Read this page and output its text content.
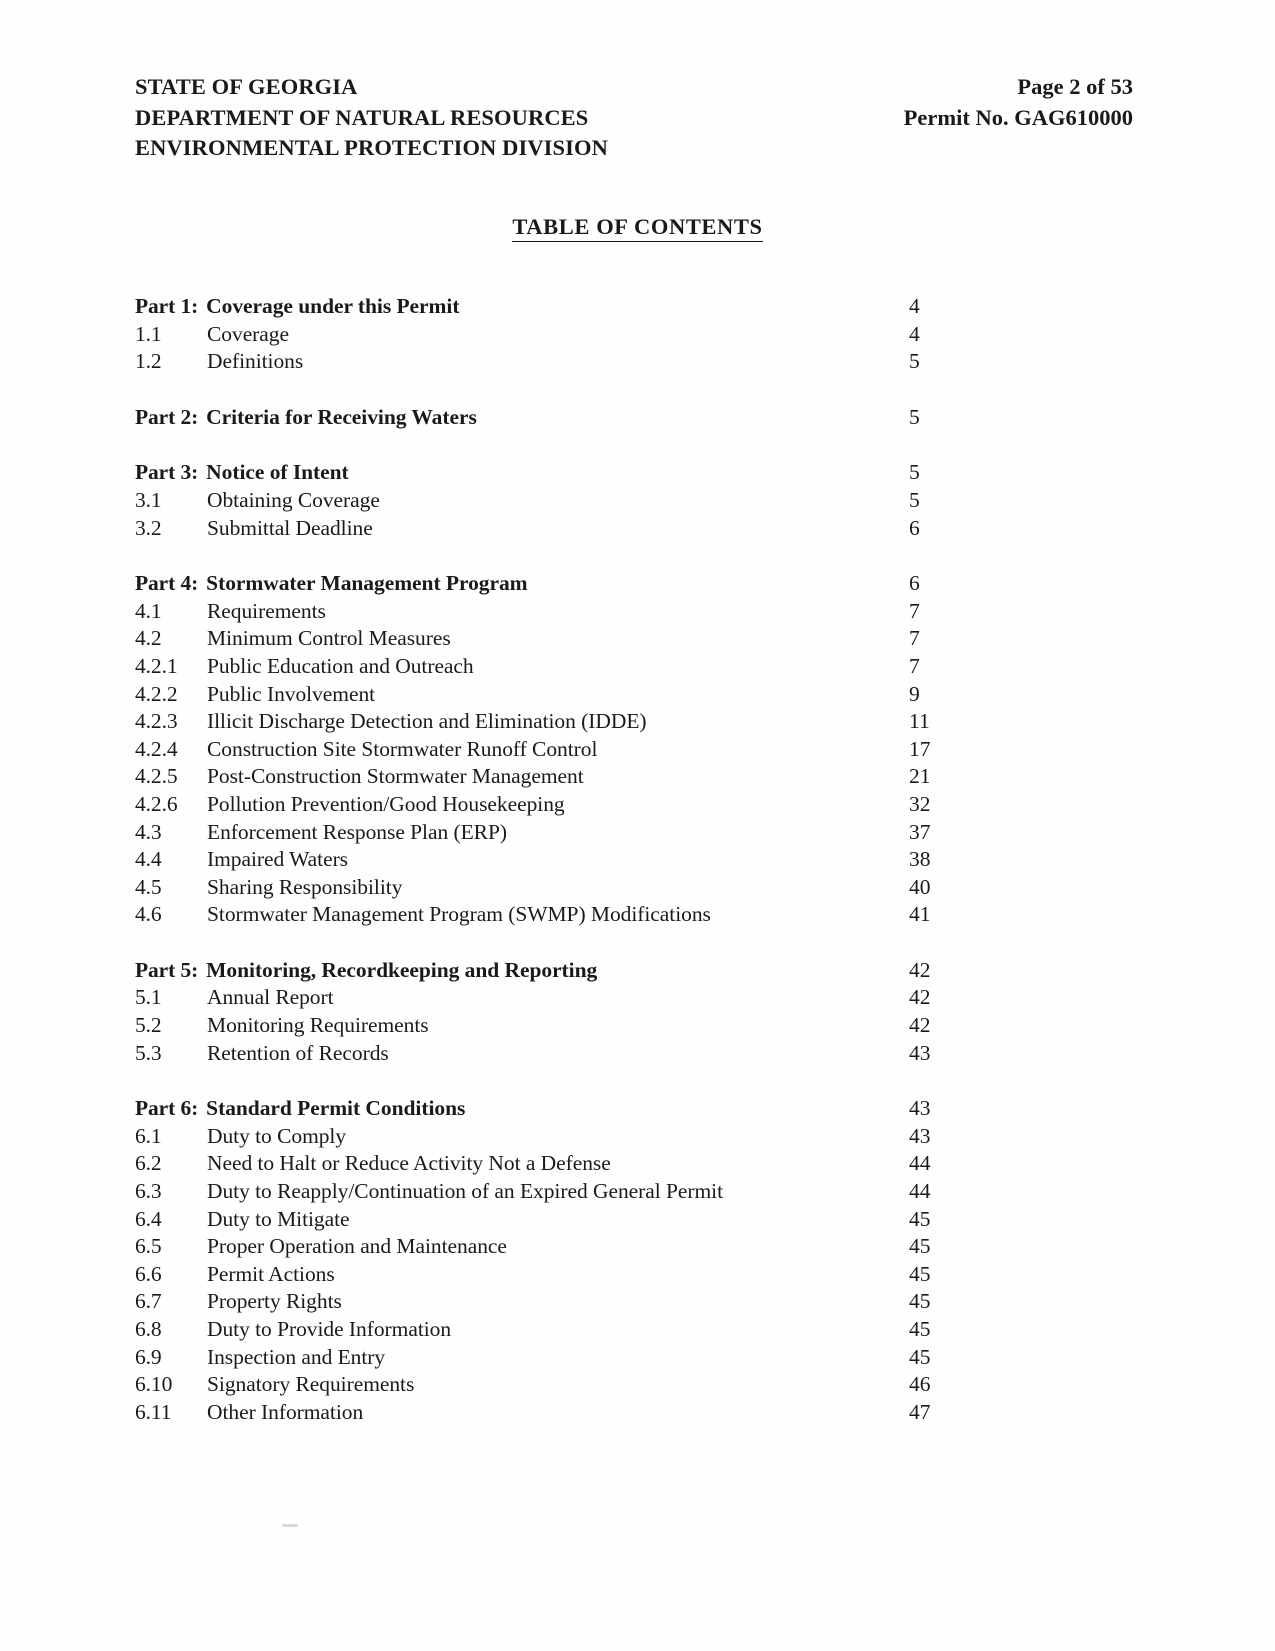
STATE OF GEORGIA
DEPARTMENT OF NATURAL RESOURCES
ENVIRONMENTAL PROTECTION DIVISION
Page 2 of 53
Permit No. GAG610000
TABLE OF CONTENTS
Part 1: Coverage under this Permit	4
1.1	Coverage	4
1.2	Definitions	5
Part 2: Criteria for Receiving Waters	5
Part 3: Notice of Intent	5
3.1	Obtaining Coverage	5
3.2	Submittal Deadline	6
Part 4: Stormwater Management Program	6
4.1	Requirements	7
4.2	Minimum Control Measures	7
4.2.1	Public Education and Outreach	7
4.2.2	Public Involvement	9
4.2.3	Illicit Discharge Detection and Elimination (IDDE)	11
4.2.4	Construction Site Stormwater Runoff Control	17
4.2.5	Post-Construction Stormwater Management	21
4.2.6	Pollution Prevention/Good Housekeeping	32
4.3	Enforcement Response Plan (ERP)	37
4.4	Impaired Waters	38
4.5	Sharing Responsibility	40
4.6	Stormwater Management Program (SWMP) Modifications	41
Part 5: Monitoring, Recordkeeping and Reporting	42
5.1	Annual Report	42
5.2	Monitoring Requirements	42
5.3	Retention of Records	43
Part 6: Standard Permit Conditions	43
6.1	Duty to Comply	43
6.2	Need to Halt or Reduce Activity Not a Defense	44
6.3	Duty to Reapply/Continuation of an Expired General Permit	44
6.4	Duty to Mitigate	45
6.5	Proper Operation and Maintenance	45
6.6	Permit Actions	45
6.7	Property Rights	45
6.8	Duty to Provide Information	45
6.9	Inspection and Entry	45
6.10	Signatory Requirements	46
6.11	Other Information	47
